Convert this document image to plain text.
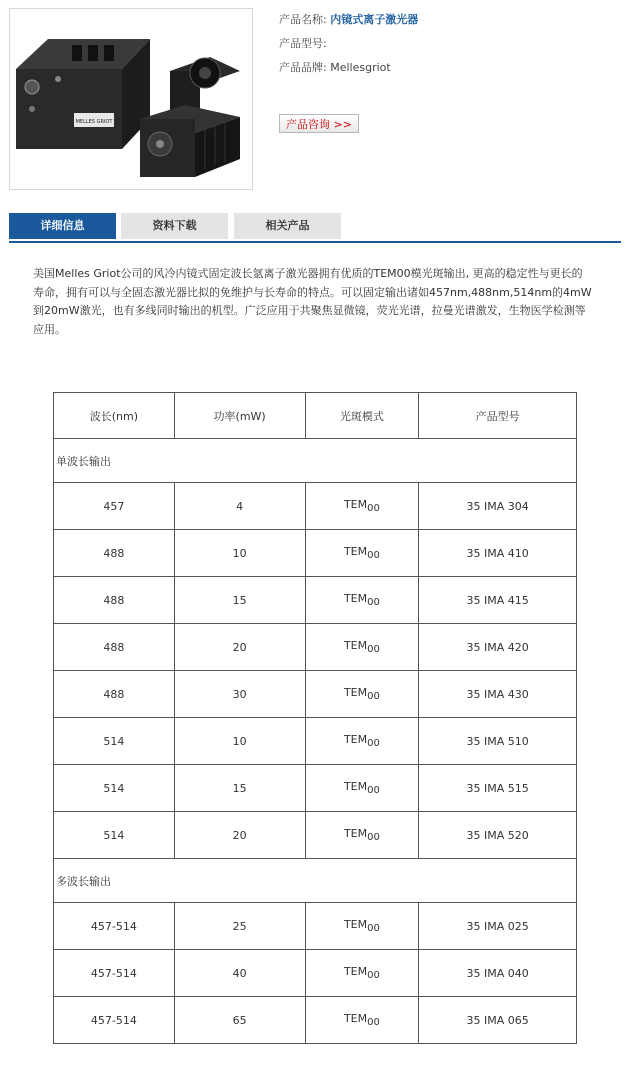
MELLES GRIOT
产品名称: 内镜式离子激光器
产品型号:
产品品牌: Mellesgriot
产品咨询 >>
详细信息	资料下载	相关产品
美国Melles Griot公司的风冷内镜式固定波长氩离子激光器拥有优质的TEM00模光斑输出, 更高的稳定性与更长的寿命，拥有可以与全固态激光器比拟的免维护与长寿命的特点。可以固定输出诸如457nm,488nm,514nm的4mW到20mW激光，也有多线同时输出的机型。广泛应用于共聚焦显微镜，荧光光谱，拉曼光谱激发，生物医学检测等应用。
波长(nm)	功率(mW)	光斑模式	产品型号
单波长输出			
457	4	$TEM_{00}$	35 IMA 304
488	10	$TEM_{00}$	35 IMA 410
488	15	$TEM_{00}$	35 IMA 415
488	20	$TEM_{00}$	35 IMA 420
488	30	$TEM_{00}$	35 IMA 430
514	10	$TEM_{00}$	35 IMA 510
514	15	$TEM_{00}$	35 IMA 515
514	20	$TEM_{00}$	35 IMA 520
多波长输出			
457-514	25	$TEM_{00}$	35 IMA 025
457-514	40	$TEM_{00}$	35 IMA 040
457-514	65	$TEM_{00}$	35 IMA 065
